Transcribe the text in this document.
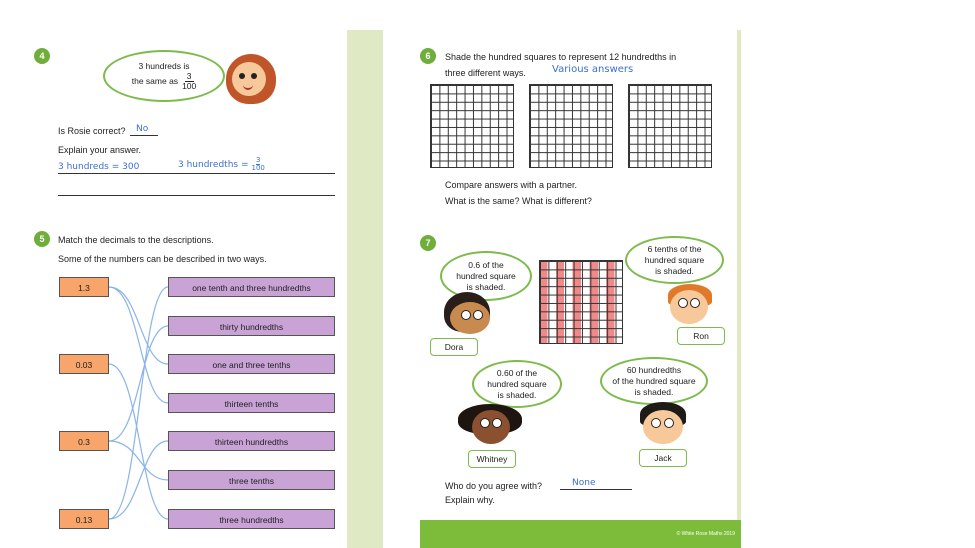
4
3 hundreds is
the same as $\frac{3}{100}$
Is Rosie correct? No
Explain your answer.
3 hundreds = 300	3 hundredths = $\frac{3}{100}$
5	Match the decimals to the descriptions.
Some of the numbers can be described in two ways.
1.3
0.03
0.3
0.13
one tenth and three hundredths
thirty hundredths
one and three tenths
thirteen tenths
thirteen hundredths
three tenths
three hundredths
6	Shade the hundred squares to represent 12 hundredths in
three different ways.	Various answers
Compare answers with a partner.
What is the same? What is different?
7
0.6 of the
hundred square
is shaded.
Dora
6 tenths of the
hundred square
is shaded.
Ron
0.60 of the
hundred square
is shaded.
Whitney
60 hundredths
of the hundred square
is shaded.
Jack
Who do you agree with?	None
Explain why.
© White Rose Maths 2019
